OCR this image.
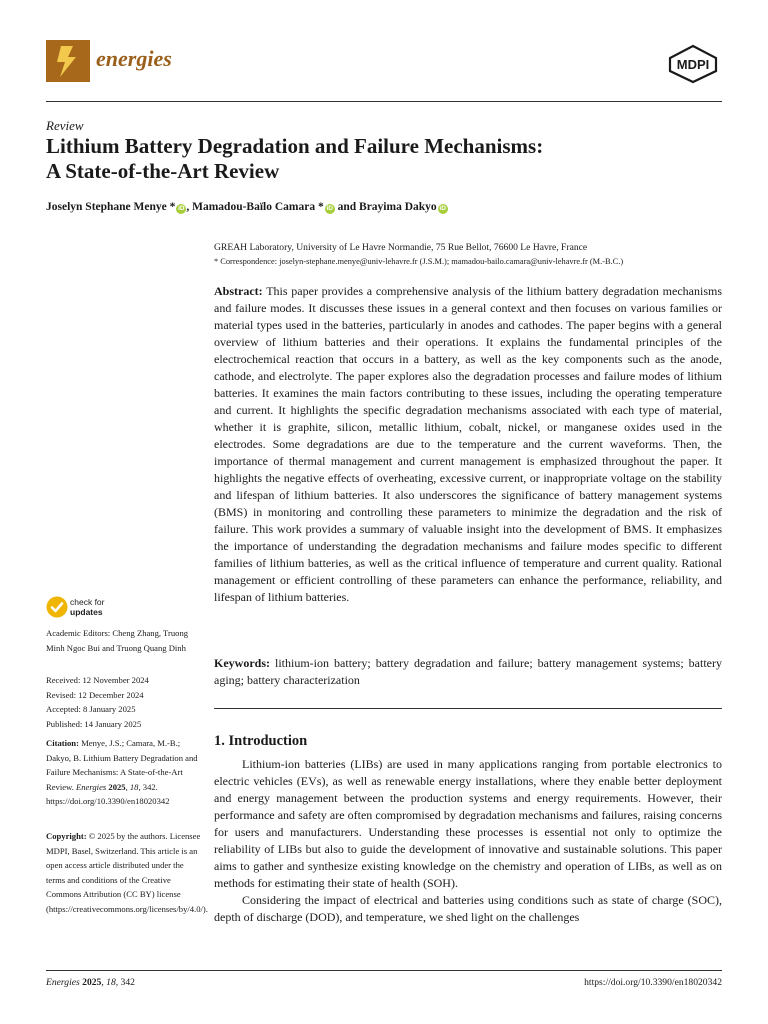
energies	MDPI
Review
Lithium Battery Degradation and Failure Mechanisms:
A State-of-the-Art Review
Joselyn Stephane Menye * iD , Mamadou-Baïlo Camara * iD and Brayima Dakyo iD
GREAH Laboratory, University of Le Havre Normandie, 75 Rue Bellot, 76600 Le Havre, France
* Correspondence: joselyn-stephane.menye@univ-lehavre.fr (J.S.M.); mamadou-bailo.camara@univ-lehavre.fr (M.-B.C.)
Abstract: This paper provides a comprehensive analysis of the lithium battery degradation mechanisms and failure modes. It discusses these issues in a general context and then focuses on various families or material types used in the batteries, particularly in anodes and cathodes. The paper begins with a general overview of lithium batteries and their operations. It explains the fundamental principles of the electrochemical reaction that occurs in a battery, as well as the key components such as the anode, cathode, and electrolyte. The paper explores also the degradation processes and failure modes of lithium batteries. It examines the main factors contributing to these issues, including the operating temperature and current. It highlights the specific degradation mechanisms associated with each type of material, whether it is graphite, silicon, metallic lithium, cobalt, nickel, or manganese oxides used in the electrodes. Some degradations are due to the temperature and the current waveforms. Then, the importance of thermal management and current management is emphasized throughout the paper. It highlights the negative effects of overheating, excessive current, or inappropriate voltage on the stability and lifespan of lithium batteries. It also underscores the significance of battery management systems (BMS) in monitoring and controlling these parameters to minimize the degradation and the risk of failure. This work provides a summary of valuable insight into the development of BMS. It emphasizes the importance of understanding the degradation mechanisms and failure modes specific to different families of lithium batteries, as well as the critical influence of temperature and current quality. Rational management or efficient controlling of these parameters can enhance the performance, reliability, and lifespan of lithium batteries.
Keywords: lithium-ion battery; battery degradation and failure; battery management systems; battery aging; battery characterization
1. Introduction

Lithium-ion batteries (LIBs) are used in many applications ranging from portable electronics to electric vehicles (EVs), as well as renewable energy installations, where they enable better deployment and energy management between the production systems and energy requirements. However, their performance and safety are often compromised by degradation mechanisms and failures, raising concerns for users and manufacturers. Understanding these processes is essential not only to optimize the reliability of LIBs but also to guide the development of innovative and sustainable solutions. This paper aims to gather and synthesize existing knowledge on the chemistry and operation of LIBs, as well as on methods for estimating their state of health (SOH).

Considering the impact of electrical and batteries using conditions such as state of charge (SOC), depth of discharge (DOD), and temperature, we shed light on the challenges

check for
updates
Academic Editors: Cheng Zhang, Truong Minh Ngoc Bui and Truong Quang Dinh
Received: 12 November 2024
Revised: 12 December 2024
Accepted: 8 January 2025
Published: 14 January 2025
Citation: Menye, J.S.; Camara, M.-B.; Dakyo, B. Lithium Battery Degradation and Failure Mechanisms: A State-of-the-Art Review. Energies 2025, 18, 342. https://doi.org/10.3390/en18020342
Copyright: © 2025 by the authors. Licensee MDPI, Basel, Switzerland. This article is an open access article distributed under the terms and conditions of the Creative Commons Attribution (CC BY) license (https://creativecommons.org/licenses/by/4.0/).
Energies 2025, 18, 342	https://doi.org/10.3390/en18020342
